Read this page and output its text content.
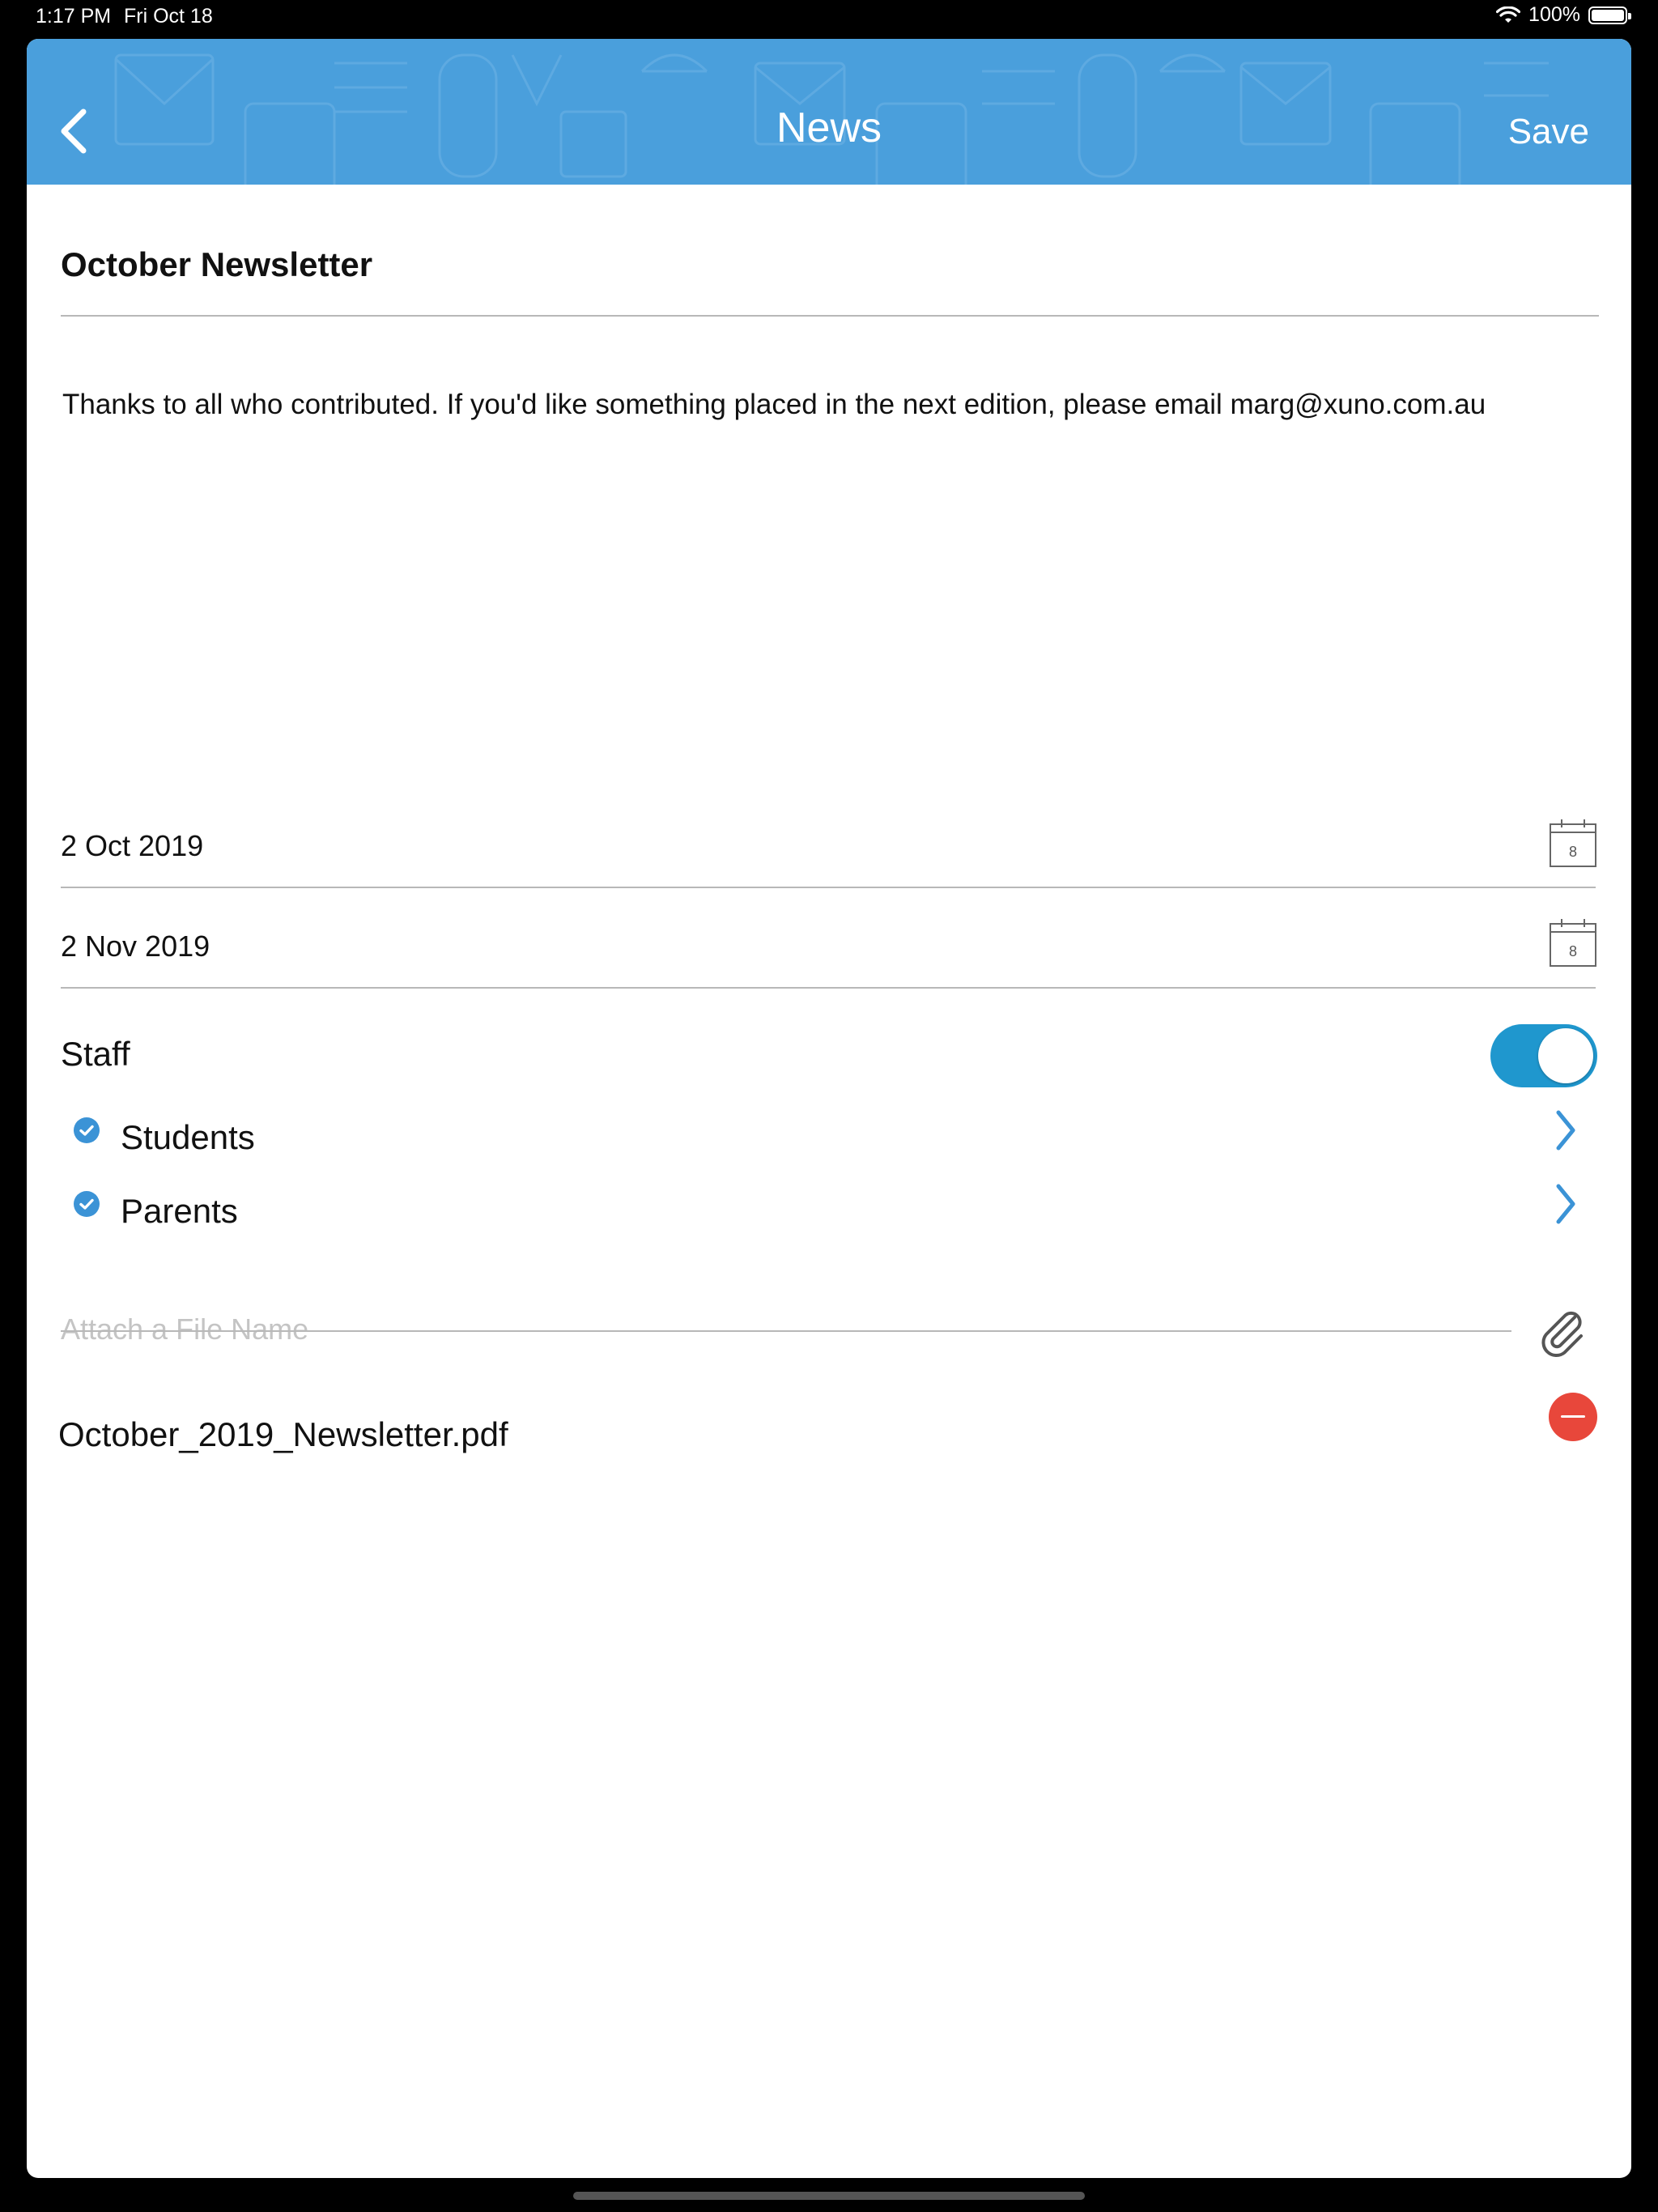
1:17 PM Fri Oct 18	100%
News	Save
October Newsletter
Thanks to all who contributed. If you'd like something placed in the next edition, please email marg@xuno.com.au
2 Oct 2019	8
2 Nov 2019	8
Staff
Students
Parents
Attach a File Name
October_2019_Newsletter.pdf
